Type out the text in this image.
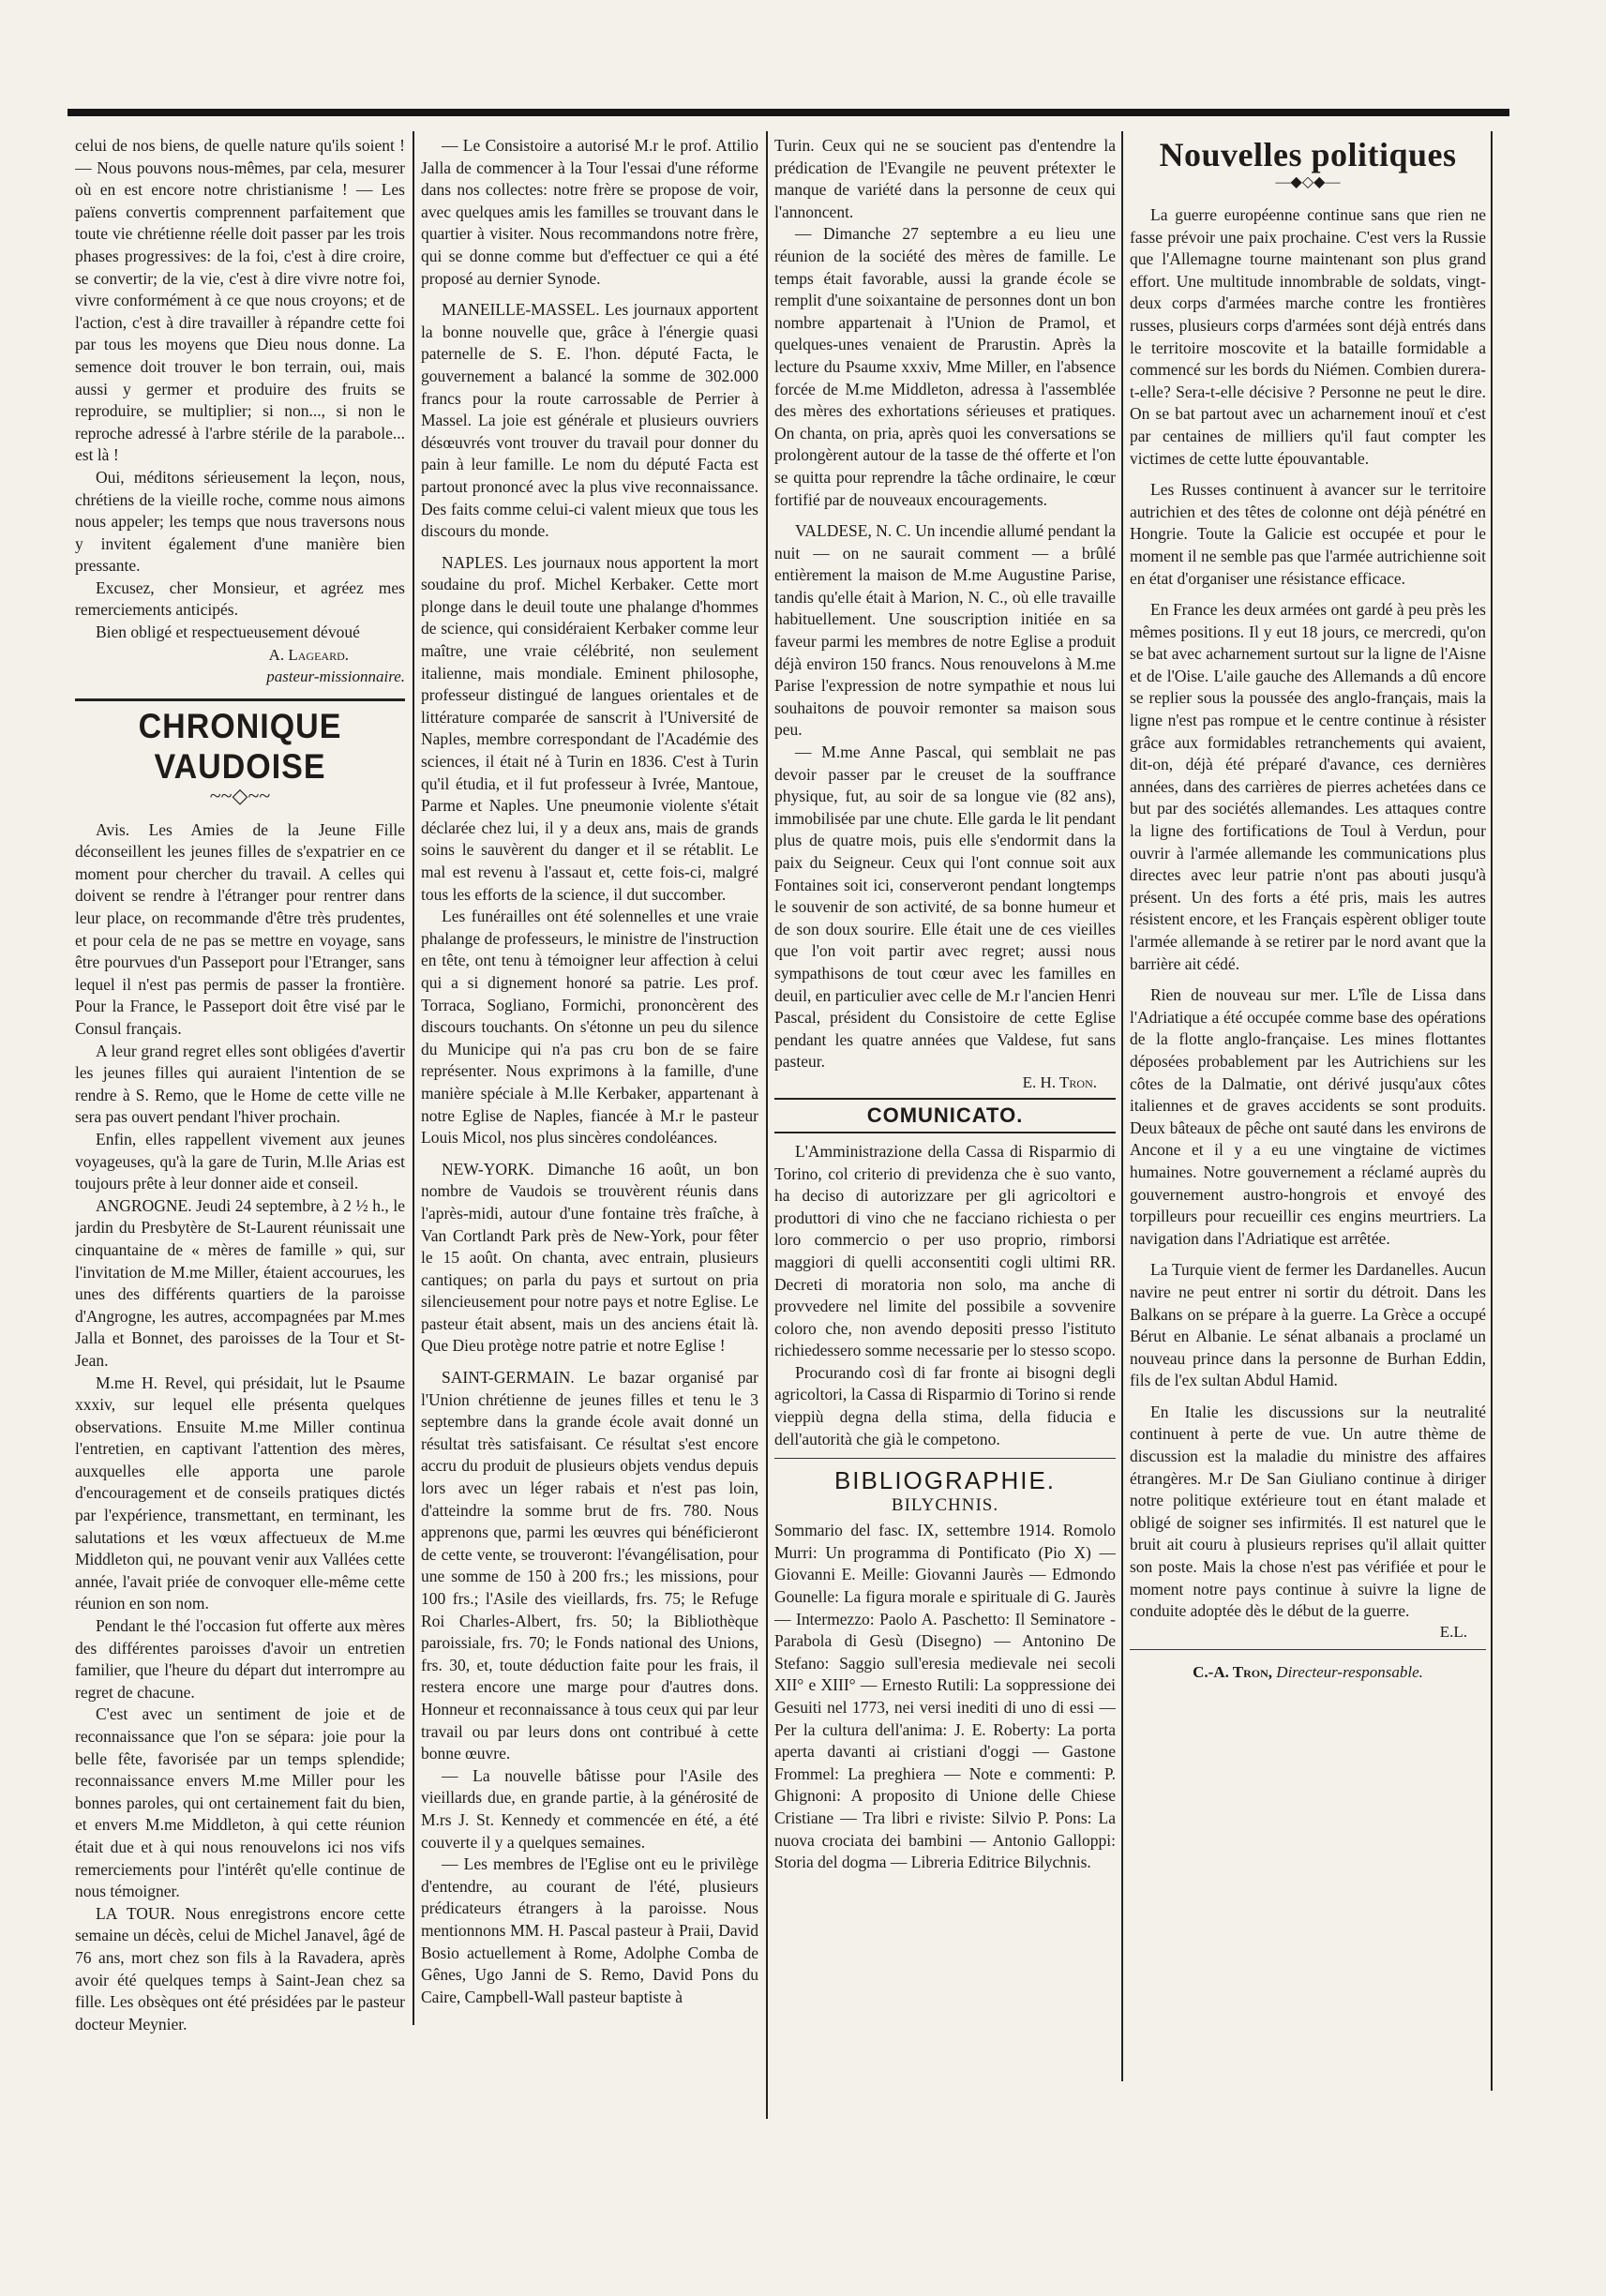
celui de nos biens, de quelle nature qu'ils soient ! — Nous pouvons nous-mêmes, par cela, mesurer où en est encore notre christianisme ! — Les païens convertis comprennent parfaitement que toute vie chrétienne réelle doit passer par les trois phases progressives: de la foi, c'est à dire croire, se convertir; de la vie, c'est à dire vivre notre foi, vivre conformément à ce que nous croyons; et de l'action, c'est à dire travailler à répandre cette foi par tous les moyens que Dieu nous donne. La semence doit trouver le bon terrain, oui, mais aussi y germer et produire des fruits se reproduire, se multiplier; si non..., si non le reproche adressé à l'arbre stérile de la parabole... est là !

Oui, méditons sérieusement la leçon, nous, chrétiens de la vieille roche, comme nous aimons nous appeler; les temps que nous traversons nous y invitent également d'une manière bien pressante.

Excusez, cher Monsieur, et agréez mes remerciements anticipés.

Bien obligé et respectueusement dévoué

A. Lageard.
pasteur-missionnaire.
CHRONIQUE VAUDOISE
~~◇~~

Avis. Les Amies de la Jeune Fille déconseillent les jeunes filles de s'expatrier en ce moment pour chercher du travail. A celles qui doivent se rendre à l'étranger pour rentrer dans leur place, on recommande d'être très prudentes, et pour cela de ne pas se mettre en voyage, sans être pourvues d'un Passeport pour l'Etranger, sans lequel il n'est pas permis de passer la frontière. Pour la France, le Passeport doit être visé par le Consul français.

A leur grand regret elles sont obligées d'avertir les jeunes filles qui auraient l'intention de se rendre à S. Remo, que le Home de cette ville ne sera pas ouvert pendant l'hiver prochain.

Enfin, elles rappellent vivement aux jeunes voyageuses, qu'à la gare de Turin, M.lle Arias est toujours prête à leur donner aide et conseil.

ANGROGNE. Jeudi 24 septembre, à 2 ½ h., le jardin du Presbytère de St-Laurent réunissait une cinquantaine de « mères de famille » qui, sur l'invitation de M.me Miller, étaient accourues, les unes des différents quartiers de la paroisse d'Angrogne, les autres, accompagnées par M.mes Jalla et Bonnet, des paroisses de la Tour et St-Jean.

M.me H. Revel, qui présidait, lut le Psaume xxxiv, sur lequel elle présenta quelques observations. Ensuite M.me Miller continua l'entretien, en captivant l'attention des mères, auxquelles elle apporta une parole d'encouragement et de conseils pratiques dictés par l'expérience, transmettant, en terminant, les salutations et les vœux affectueux de M.me Middleton qui, ne pouvant venir aux Vallées cette année, l'avait priée de convoquer elle-même cette réunion en son nom.

Pendant le thé l'occasion fut offerte aux mères des différentes paroisses d'avoir un entretien familier, que l'heure du départ dut interrompre au regret de chacune.

C'est avec un sentiment de joie et de reconnaissance que l'on se sépara: joie pour la belle fête, favorisée par un temps splendide; reconnaissance envers M.me Miller pour les bonnes paroles, qui ont certainement fait du bien, et envers M.me Middleton, à qui cette réunion était due et à qui nous renouvelons ici nos vifs remerciements pour l'intérêt qu'elle continue de nous témoigner.

LA TOUR. Nous enregistrons encore cette semaine un décès, celui de Michel Janavel, âgé de 76 ans, mort chez son fils à la Ravadera, après avoir été quelques temps à Saint-Jean chez sa fille. Les obsèques ont été présidées par le pasteur docteur Meynier.

— Le Consistoire a autorisé M.r le prof. Attilio Jalla de commencer à la Tour l'essai d'une réforme dans nos collectes: notre frère se propose de voir, avec quelques amis les familles se trouvant dans le quartier à visiter. Nous recommandons notre frère, qui se donne comme but d'effectuer ce qui a été proposé au dernier Synode.

MANEILLE-MASSEL. Les journaux apportent la bonne nouvelle que, grâce à l'énergie quasi paternelle de S. E. l'hon. député Facta, le gouvernement a balancé la somme de 302.000 francs pour la route carrossable de Perrier à Massel. La joie est générale et plusieurs ouvriers désœuvrés vont trouver du travail pour donner du pain à leur famille. Le nom du député Facta est partout prononcé avec la plus vive reconnaissance. Des faits comme celui-ci valent mieux que tous les discours du monde.

NAPLES. Les journaux nous apportent la mort soudaine du prof. Michel Kerbaker. Cette mort plonge dans le deuil toute une phalange d'hommes de science, qui considéraient Kerbaker comme leur maître, une vraie célébrité, non seulement italienne, mais mondiale. Eminent philosophe, professeur distingué de langues orientales et de littérature comparée de sanscrit à l'Université de Naples, membre correspondant de l'Académie des sciences, il était né à Turin en 1836. C'est à Turin qu'il étudia, et il fut professeur à Ivrée, Mantoue, Parme et Naples. Une pneumonie violente s'était déclarée chez lui, il y a deux ans, mais de grands soins le sauvèrent du danger et il se rétablit. Le mal est revenu à l'assaut et, cette fois-ci, malgré tous les efforts de la science, il dut succomber.

Les funérailles ont été solennelles et une vraie phalange de professeurs, le ministre de l'instruction en tête, ont tenu à témoigner leur affection à celui qui a si dignement honoré sa patrie. Les prof. Torraca, Sogliano, Formichi, prononcèrent des discours touchants. On s'étonne un peu du silence du Municipe qui n'a pas cru bon de se faire représenter. Nous exprimons à la famille, d'une manière spéciale à M.lle Kerbaker, appartenant à notre Eglise de Naples, fiancée à M.r le pasteur Louis Micol, nos plus sincères condoléances.

NEW-YORK. Dimanche 16 août, un bon nombre de Vaudois se trouvèrent réunis dans l'après-midi, autour d'une fontaine très fraîche, à Van Cortlandt Park près de New-York, pour fêter le 15 août. On chanta, avec entrain, plusieurs cantiques; on parla du pays et surtout on pria silencieusement pour notre pays et notre Eglise. Le pasteur était absent, mais un des anciens était là. Que Dieu protège notre patrie et notre Eglise !

SAINT-GERMAIN. Le bazar organisé par l'Union chrétienne de jeunes filles et tenu le 3 septembre dans la grande école avait donné un résultat très satisfaisant. Ce résultat s'est encore accru du produit de plusieurs objets vendus depuis lors avec un léger rabais et n'est pas loin, d'atteindre la somme brut de frs. 780. Nous apprenons que, parmi les œuvres qui bénéficieront de cette vente, se trouveront: l'évangélisation, pour une somme de 150 à 200 frs.; les missions, pour 100 frs.; l'Asile des vieillards, frs. 75; le Refuge Roi Charles-Albert, frs. 50; la Bibliothèque paroissiale, frs. 70; le Fonds national des Unions, frs. 30, et, toute déduction faite pour les frais, il restera encore une marge pour d'autres dons. Honneur et reconnaissance à tous ceux qui par leur travail ou par leurs dons ont contribué à cette bonne œuvre.

— La nouvelle bâtisse pour l'Asile des vieillards due, en grande partie, à la générosité de M.rs J. St. Kennedy et commencée en été, a été couverte il y a quelques semaines.

— Les membres de l'Eglise ont eu le privilège d'entendre, au courant de l'été, plusieurs prédicateurs étrangers à la paroisse. Nous mentionnons MM. H. Pascal pasteur à Praii, David Bosio actuellement à Rome, Adolphe Comba de Gênes, Ugo Janni de S. Remo, David Pons du Caire, Campbell-Wall pasteur baptiste à

Turin. Ceux qui ne se soucient pas d'entendre la prédication de l'Evangile ne peuvent prétexter le manque de variété dans la personne de ceux qui l'annoncent.

— Dimanche 27 septembre a eu lieu une réunion de la société des mères de famille. Le temps était favorable, aussi la grande école se remplit d'une soixantaine de personnes dont un bon nombre appartenait à l'Union de Pramol, et quelques-unes venaient de Prarustin. Après la lecture du Psaume xxxiv, Mme Miller, en l'absence forcée de M.me Middleton, adressa à l'assemblée des mères des exhortations sérieuses et pratiques. On chanta, on pria, après quoi les conversations se prolongèrent autour de la tasse de thé offerte et l'on se quitta pour reprendre la tâche ordinaire, le cœur fortifié par de nouveaux encouragements.

VALDESE, N. C. Un incendie allumé pendant la nuit — on ne saurait comment — a brûlé entièrement la maison de M.me Augustine Parise, tandis qu'elle était à Marion, N. C., où elle travaille habituellement. Une souscription initiée en sa faveur parmi les membres de notre Eglise a produit déjà environ 150 francs. Nous renouvelons à M.me Parise l'expression de notre sympathie et nous lui souhaitons de pouvoir remonter sa maison sous peu.

— M.me Anne Pascal, qui semblait ne pas devoir passer par le creuset de la souffrance physique, fut, au soir de sa longue vie (82 ans), immobilisée par une chute. Elle garda le lit pendant plus de quatre mois, puis elle s'endormit dans la paix du Seigneur. Ceux qui l'ont connue soit aux Fontaines soit ici, conserveront pendant longtemps le souvenir de son activité, de sa bonne humeur et de son doux sourire. Elle était une de ces vieilles que l'on voit partir avec regret; aussi nous sympathisons de tout cœur avec les familles en deuil, en particulier avec celle de M.r l'ancien Henri Pascal, président du Consistoire de cette Eglise pendant les quatre années que Valdese, fut sans pasteur.

E. H. Tron.
COMUNICATO.

L'Amministrazione della Cassa di Risparmio di Torino, col criterio di previdenza che è suo vanto, ha deciso di autorizzare per gli agricoltori e produttori di vino che ne facciano richiesta o per loro commercio o per uso proprio, rimborsi maggiori di quelli acconsentiti cogli ultimi RR. Decreti di moratoria non solo, ma anche di provvedere nel limite del possibile a sovvenire coloro che, non avendo depositi presso l'istituto richiedessero somme necessarie per lo stesso scopo.

Procurando così di far fronte ai bisogni degli agricoltori, la Cassa di Risparmio di Torino si rende vieppiù degna della stima, della fiducia e dell'autorità che già le competono.

BIBLIOGRAPHIE.
BILYCHNIS.

Sommario del fasc. IX, settembre 1914. Romolo Murri: Un programma di Pontificato (Pio X) — Giovanni E. Meille: Giovanni Jaurès — Edmondo Gounelle: La figura morale e spirituale di G. Jaurès — Intermezzo: Paolo A. Paschetto: Il Seminatore - Parabola di Gesù (Disegno) — Antonino De Stefano: Saggio sull'eresia medievale nei secoli XII° e XIII° — Ernesto Rutili: La soppressione dei Gesuiti nel 1773, nei versi inediti di uno di essi — Per la cultura dell'anima: J. E. Roberty: La porta aperta davanti ai cristiani d'oggi — Gastone Frommel: La preghiera — Note e commenti: P. Ghignoni: A proposito di Unione delle Chiese Cristiane — Tra libri e riviste: Silvio P. Pons: La nuova crociata dei bambini — Antonio Galloppi: Storia del dogma — Libreria Editrice Bilychnis.

Nouvelles politiques
—◆◇◆—

La guerre européenne continue sans que rien ne fasse prévoir une paix prochaine. C'est vers la Russie que l'Allemagne tourne maintenant son plus grand effort. Une multitude innombrable de soldats, vingt-deux corps d'armées marche contre les frontières russes, plusieurs corps d'armées sont déjà entrés dans le territoire moscovite et la bataille formidable a commencé sur les bords du Niémen. Combien durera-t-elle? Sera-t-elle décisive ? Personne ne peut le dire. On se bat partout avec un acharnement inouï et c'est par centaines de milliers qu'il faut compter les victimes de cette lutte épouvantable.

Les Russes continuent à avancer sur le territoire autrichien et des têtes de colonne ont déjà pénétré en Hongrie. Toute la Galicie est occupée et pour le moment il ne semble pas que l'armée autrichienne soit en état d'organiser une résistance efficace.

En France les deux armées ont gardé à peu près les mêmes positions. Il y eut 18 jours, ce mercredi, qu'on se bat avec acharnement surtout sur la ligne de l'Aisne et de l'Oise. L'aile gauche des Allemands a dû encore se replier sous la poussée des anglo-français, mais la ligne n'est pas rompue et le centre continue à résister grâce aux formidables retranchements qui avaient, dit-on, déjà été préparé d'avance, ces dernières années, dans des carrières de pierres achetées dans ce but par des sociétés allemandes. Les attaques contre la ligne des fortifications de Toul à Verdun, pour ouvrir à l'armée allemande les communications plus directes avec leur patrie n'ont pas abouti jusqu'à présent. Un des forts a été pris, mais les autres résistent encore, et les Français espèrent obliger toute l'armée allemande à se retirer par le nord avant que la barrière ait cédé.

Rien de nouveau sur mer. L'île de Lissa dans l'Adriatique a été occupée comme base des opérations de la flotte anglo-française. Les mines flottantes déposées probablement par les Autrichiens sur les côtes de la Dalmatie, ont dérivé jusqu'aux côtes italiennes et de graves accidents se sont produits. Deux bâteaux de pêche ont sauté dans les environs de Ancone et il y a eu une vingtaine de victimes humaines. Notre gouvernement a réclamé auprès du gouvernement austro-hongrois et envoyé des torpilleurs pour recueillir ces engins meurtriers. La navigation dans l'Adriatique est arrêtée.

La Turquie vient de fermer les Dardanelles. Aucun navire ne peut entrer ni sortir du détroit. Dans les Balkans on se prépare à la guerre. La Grèce a occupé Bérut en Albanie. Le sénat albanais a proclamé un nouveau prince dans la personne de Burhan Eddin, fils de l'ex sultan Abdul Hamid.

En Italie les discussions sur la neutralité continuent à perte de vue. Un autre thème de discussion est la maladie du ministre des affaires étrangères. M.r De San Giuliano continue à diriger notre politique extérieure tout en étant malade et obligé de soigner ses infirmités. Il est naturel que le bruit ait couru à plusieurs reprises qu'il allait quitter son poste. Mais la chose n'est pas vérifiée et pour le moment notre pays continue à suivre la ligne de conduite adoptée dès le début de la guerre.

E.L.
C.-A. Tron, Directeur-responsable.
